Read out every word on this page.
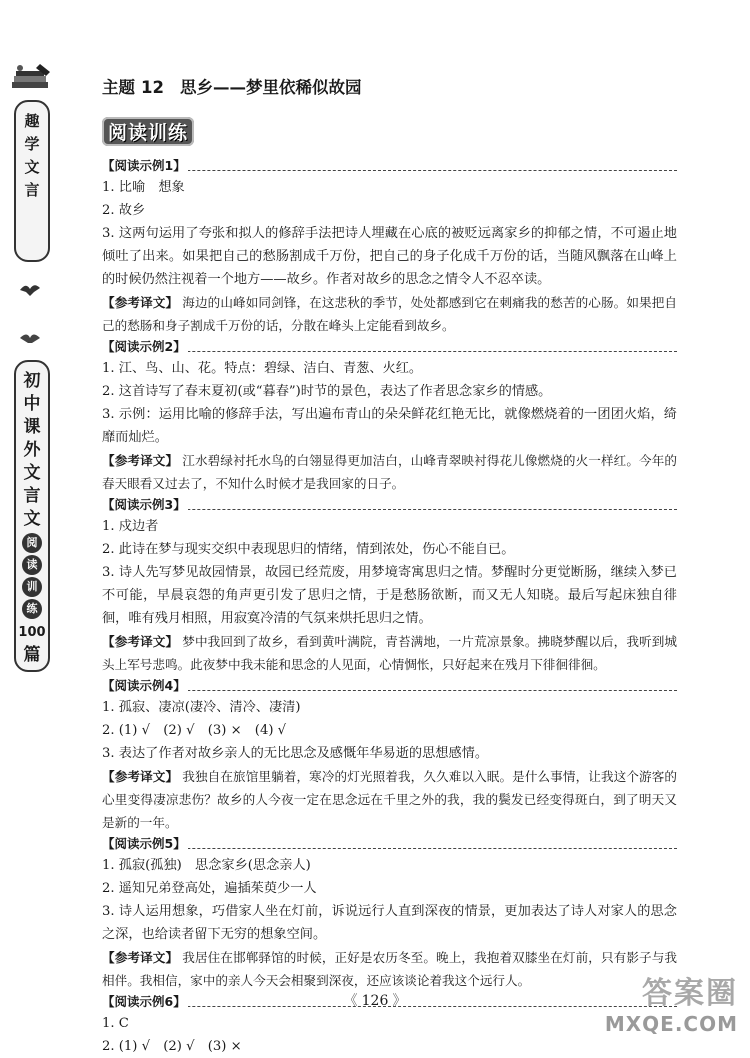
趣
学
文
言
初
中
课
外
文
言
文
阅
读
训
练
100
篇
主题 12 思乡——梦里依稀似故园
阅读训练
【阅读示例1】
1. 比喻　想象
2. 故乡
3. 这两句运用了夸张和拟人的修辞手法把诗人埋藏在心底的被贬远离家乡的抑郁之情，不可遏止地倾吐了出来。如果把自己的愁肠割成千万份，把自己的身子化成千万份的话，当随风飘落在山峰上的时候仍然注视着一个地方——故乡。作者对故乡的思念之情令人不忍卒读。
【参考译文】 海边的山峰如同剑锋，在这悲秋的季节，处处都感到它在刺痛我的愁苦的心肠。如果把自己的愁肠和身子割成千万份的话，分散在峰头上定能看到故乡。
【阅读示例2】
1. 江、鸟、山、花。特点：碧绿、洁白、青葱、火红。
2. 这首诗写了春末夏初(或“暮春”)时节的景色，表达了作者思念家乡的情感。
3. 示例：运用比喻的修辞手法，写出遍布青山的朵朵鲜花红艳无比，就像燃烧着的一团团火焰，绮靡而灿烂。
【参考译文】 江水碧绿衬托水鸟的白翎显得更加洁白，山峰青翠映衬得花儿像燃烧的火一样红。今年的春天眼看又过去了，不知什么时候才是我回家的日子。
【阅读示例3】
1. 戍边者
2. 此诗在梦与现实交织中表现思归的情绪，情到浓处，伤心不能自已。
3. 诗人先写梦见故园情景，故园已经荒废，用梦境寄寓思归之情。梦醒时分更觉断肠，继续入梦已不可能，早晨哀怨的角声更引发了思归之情，于是愁肠欲断，而又无人知晓。最后写起床独自徘徊，唯有残月相照，用寂寞冷清的气氛来烘托思归之情。
【参考译文】 梦中我回到了故乡，看到黄叶满院，青苔满地，一片荒凉景象。拂晓梦醒以后，我听到城头上军号悲鸣。此夜梦中我未能和思念的人见面，心情惆怅，只好起来在残月下徘徊徘徊。
【阅读示例4】
1. 孤寂、凄凉(凄冷、清冷、凄清)
2. (1) √　(2) √　(3) ×　(4) √
3. 表达了作者对故乡亲人的无比思念及感慨年华易逝的思想感情。
【参考译文】 我独自在旅馆里躺着，寒冷的灯光照着我，久久难以入眠。是什么事情，让我这个游客的心里变得凄凉悲伤？故乡的人今夜一定在思念远在千里之外的我，我的鬓发已经变得斑白，到了明天又是新的一年。
【阅读示例5】
1. 孤寂(孤独)　思念家乡(思念亲人)
2. 遥知兄弟登高处，遍插茱萸少一人
3. 诗人运用想象，巧借家人坐在灯前，诉说远行人直到深夜的情景，更加表达了诗人对家人的思念之深，也给读者留下无穷的想象空间。
【参考译文】 我居住在邯郸驿馆的时候，正好是农历冬至。晚上，我抱着双膝坐在灯前，只有影子与我相伴。我相信，家中的亲人今天会相聚到深夜，还应该谈论着我这个远行人。
【阅读示例6】
1. C
2. (1) √　(2) √　(3) ×
《 126 》	答案圈
MXQE.COM
